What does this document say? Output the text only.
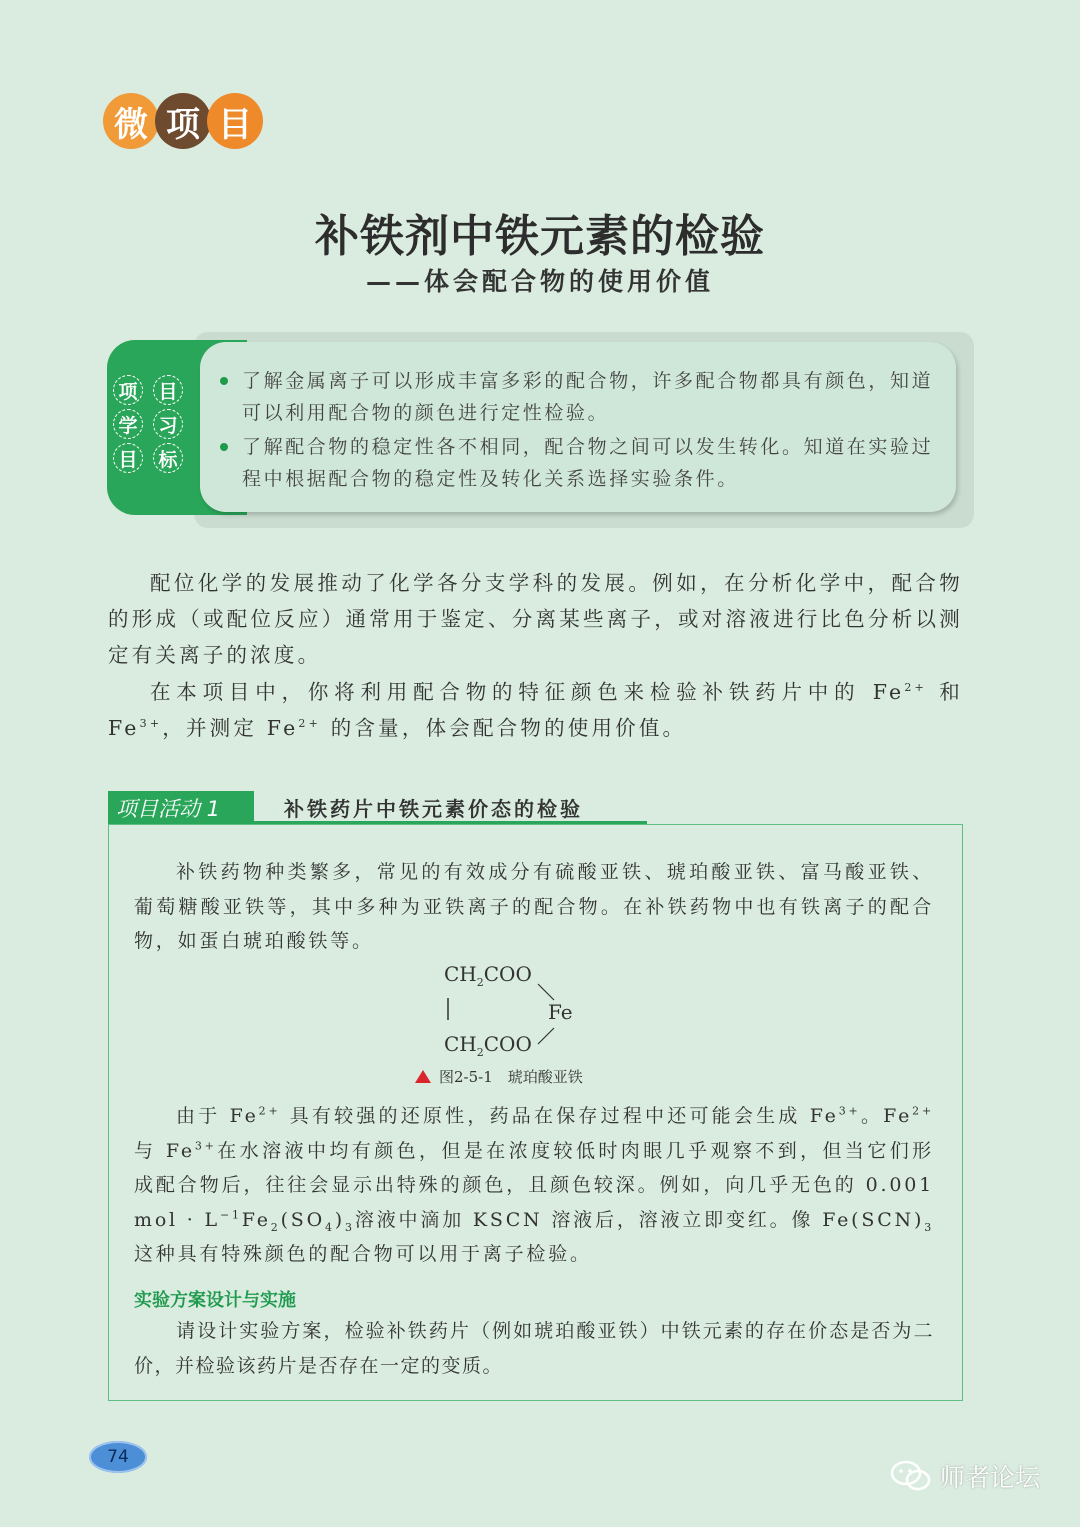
微 项 目
补铁剂中铁元素的检验
——体会配合物的使用价值
项
学
目
目
习
标
了解金属离子可以形成丰富多彩的配合物，许多配合物都具有颜色，知道
可以利用配合物的颜色进行定性检验。
了解配合物的稳定性各不相同，配合物之间可以发生转化。知道在实验过
程中根据配合物的稳定性及转化关系选择实验条件。
配位化学的发展推动了化学各分支学科的发展。例如，在分析化学中，配合物的形成（或配位反应）通常用于鉴定、分离某些离子，或对溶液进行比色分析以测定有关离子的浓度。
在本项目中，你将利用配合物的特征颜色来检验补铁药片中的 $Fe^{2+}$ 和 $Fe^{3+}$，并测定 $Fe^{2+}$ 的含量，体会配合物的使用价值。
项目活动 1	补铁药片中铁元素价态的检验
补铁药物种类繁多，常见的有效成分有硫酸亚铁、琥珀酸亚铁、富马酸亚铁、葡萄糖酸亚铁等，其中多种为亚铁离子的配合物。在补铁药物中也有铁离子的配合物，如蛋白琥珀酸铁等。
$CH_2COO$
Fe
$CH_2COO$
图2-5-1　琥珀酸亚铁
由于 $Fe^{2+}$ 具有较强的还原性，药品在保存过程中还可能会生成 $Fe^{3+}$。$Fe^{2+}$ 与 $Fe^{3+}$在水溶液中均有颜色，但是在浓度较低时肉眼几乎观察不到，但当它们形成配合物后，往往会显示出特殊的颜色，且颜色较深。例如，向几乎无色的 0.001　mol · $L^{-1}Fe_2(SO_4)_3$溶液中滴加 KSCN 溶液后，溶液立即变红。像 $Fe(SCN)_3$ 这种具有特殊颜色的配合物可以用于离子检验。
实验方案设计与实施
请设计实验方案，检验补铁药片（例如琥珀酸亚铁）中铁元素的存在价态是否为二价，并检验该药片是否存在一定的变质。
74
师者论坛
